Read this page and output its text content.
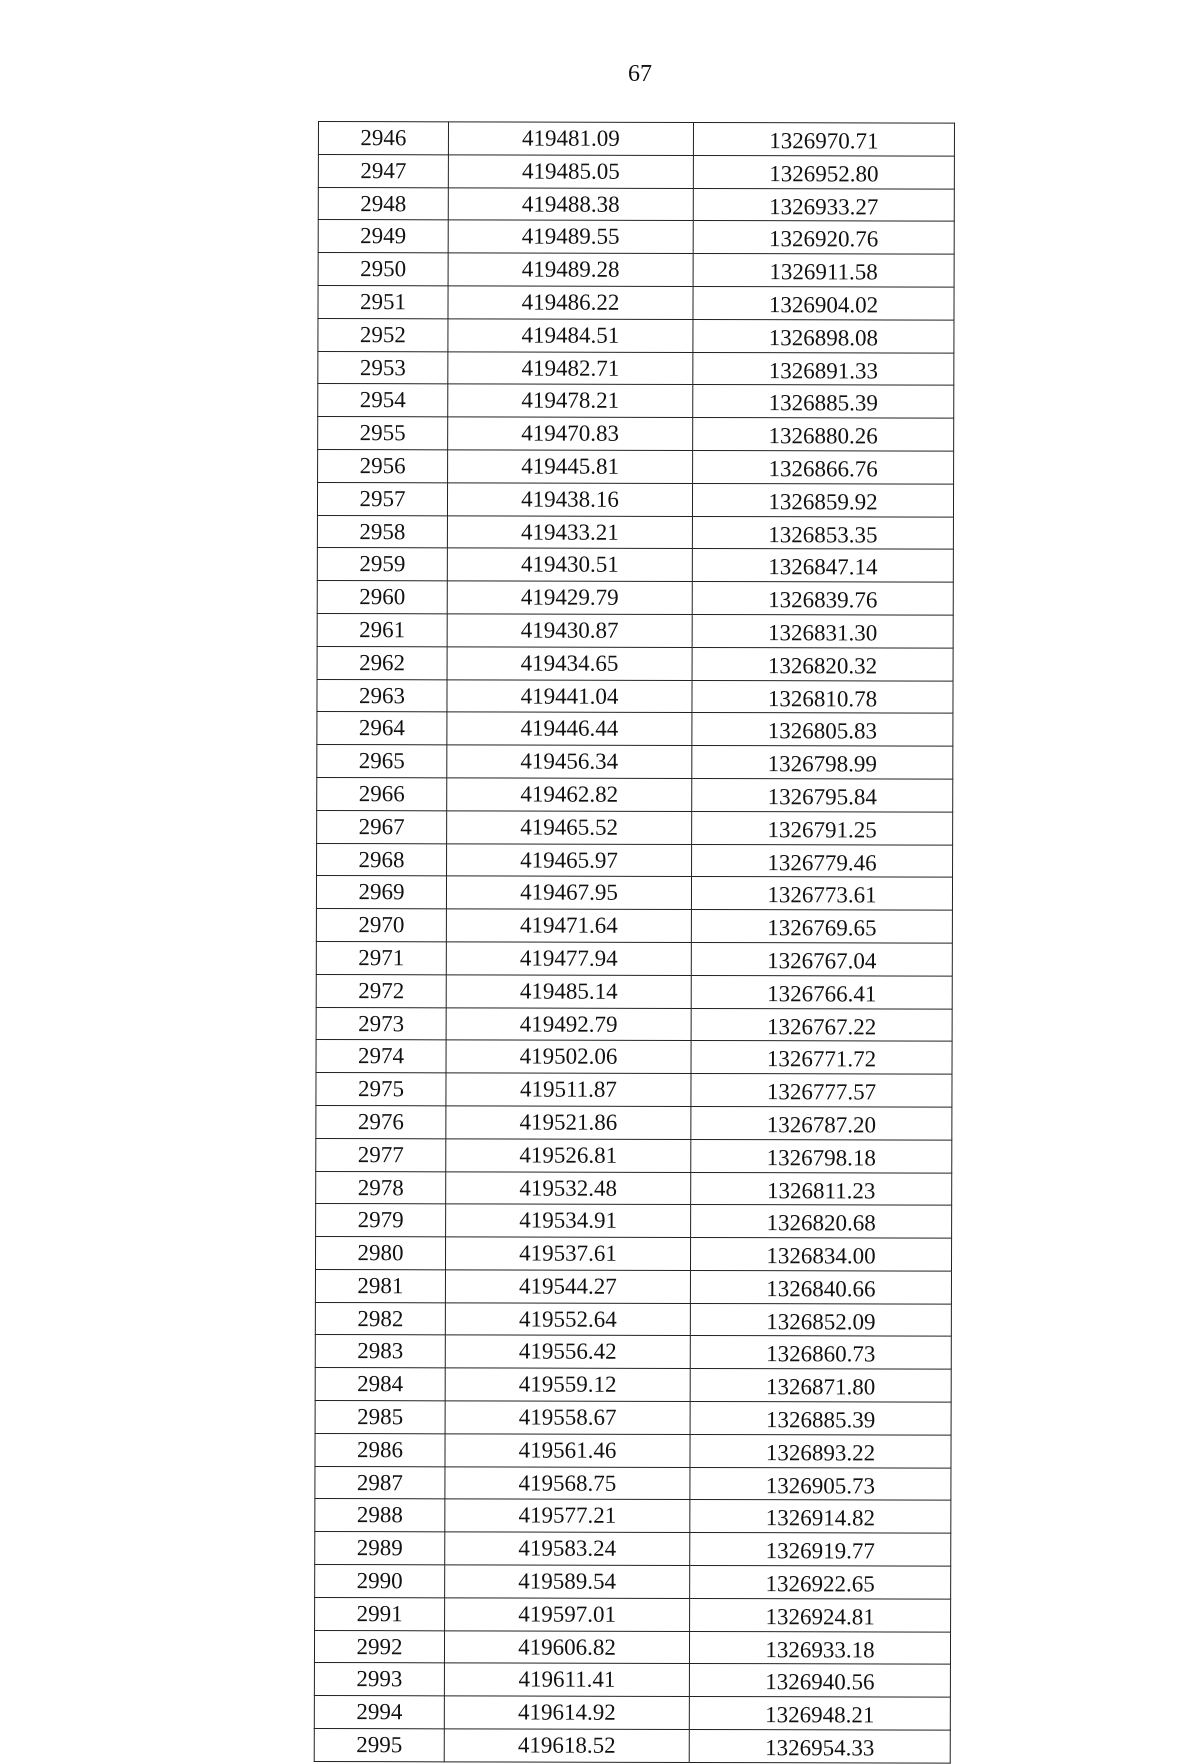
67
2946	419481.09	1326970.71
2947	419485.05	1326952.80
2948	419488.38	1326933.27
2949	419489.55	1326920.76
2950	419489.28	1326911.58
2951	419486.22	1326904.02
2952	419484.51	1326898.08
2953	419482.71	1326891.33
2954	419478.21	1326885.39
2955	419470.83	1326880.26
2956	419445.81	1326866.76
2957	419438.16	1326859.92
2958	419433.21	1326853.35
2959	419430.51	1326847.14
2960	419429.79	1326839.76
2961	419430.87	1326831.30
2962	419434.65	1326820.32
2963	419441.04	1326810.78
2964	419446.44	1326805.83
2965	419456.34	1326798.99
2966	419462.82	1326795.84
2967	419465.52	1326791.25
2968	419465.97	1326779.46
2969	419467.95	1326773.61
2970	419471.64	1326769.65
2971	419477.94	1326767.04
2972	419485.14	1326766.41
2973	419492.79	1326767.22
2974	419502.06	1326771.72
2975	419511.87	1326777.57
2976	419521.86	1326787.20
2977	419526.81	1326798.18
2978	419532.48	1326811.23
2979	419534.91	1326820.68
2980	419537.61	1326834.00
2981	419544.27	1326840.66
2982	419552.64	1326852.09
2983	419556.42	1326860.73
2984	419559.12	1326871.80
2985	419558.67	1326885.39
2986	419561.46	1326893.22
2987	419568.75	1326905.73
2988	419577.21	1326914.82
2989	419583.24	1326919.77
2990	419589.54	1326922.65
2991	419597.01	1326924.81
2992	419606.82	1326933.18
2993	419611.41	1326940.56
2994	419614.92	1326948.21
2995	419618.52	1326954.33
